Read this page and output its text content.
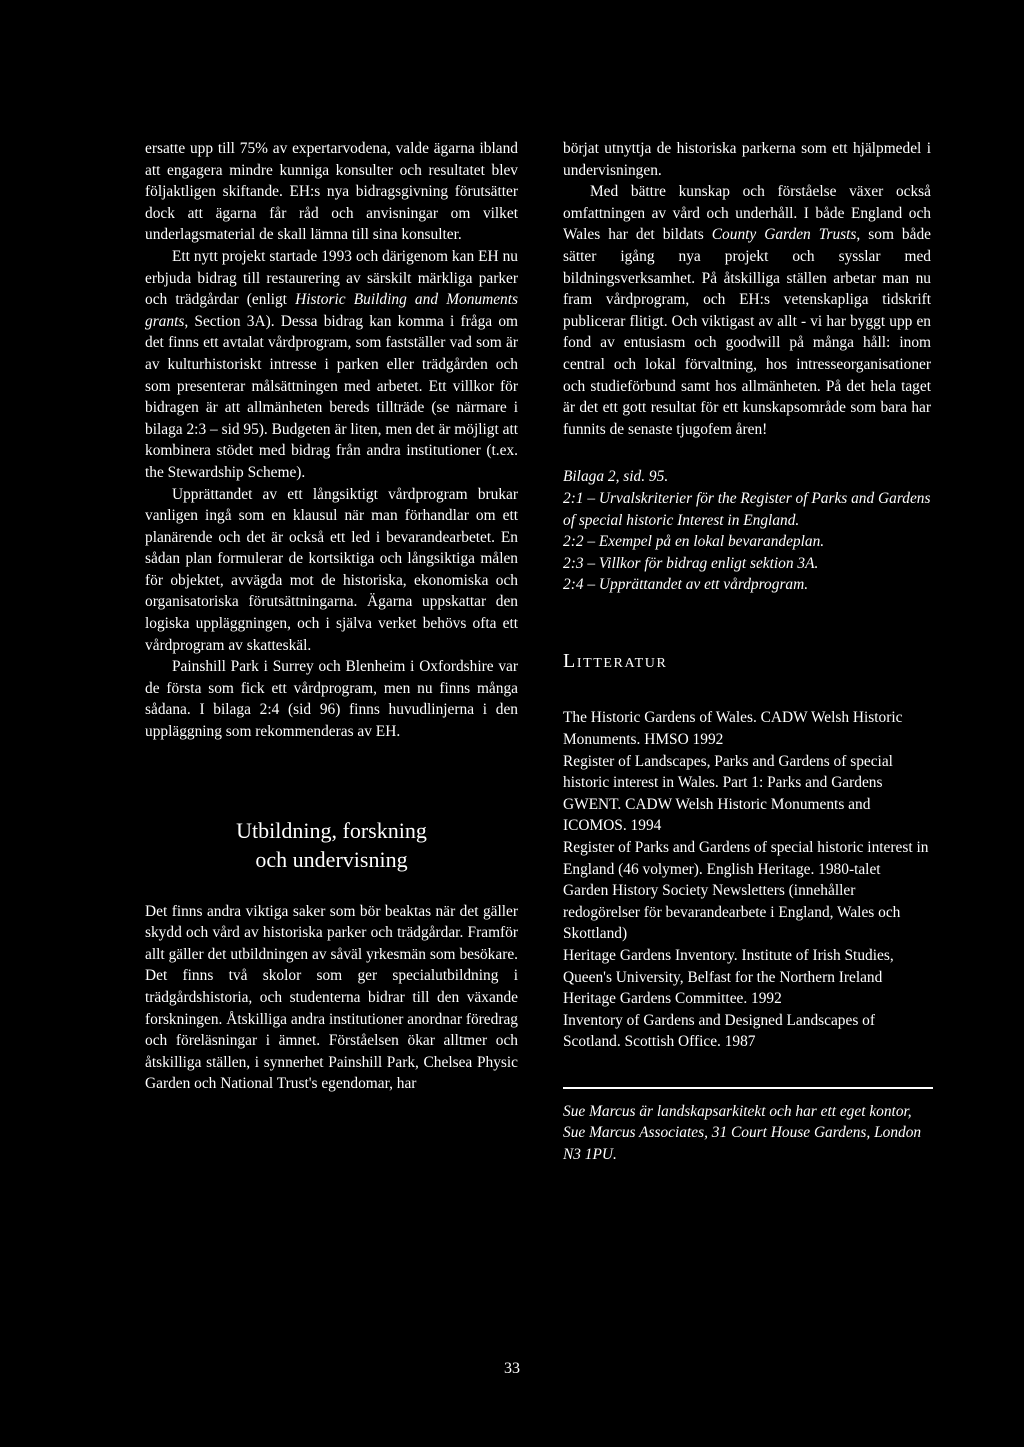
ersatte upp till 75% av expertarvodena, valde ägarna ibland att engagera mindre kunniga konsulter och resultatet blev följaktligen skiftande. EH:s nya bidragsgivning förutsätter dock att ägarna får råd och anvisningar om vilket underlagsmaterial de skall lämna till sina konsulter.

Ett nytt projekt startade 1993 och därigenom kan EH nu erbjuda bidrag till restaurering av särskilt märkliga parker och trädgårdar (enligt Historic Building and Monuments grants, Section 3A). Dessa bidrag kan komma i fråga om det finns ett avtalat vårdprogram, som fastställer vad som är av kulturhistoriskt intresse i parken eller trädgården och som presenterar målsättningen med arbetet. Ett villkor för bidragen är att allmänheten bereds tillträde (se närmare i bilaga 2:3 – sid 95). Budgeten är liten, men det är möjligt att kombinera stödet med bidrag från andra institutioner (t.ex. the Stewardship Scheme).

Upprättandet av ett långsiktigt vårdprogram brukar vanligen ingå som en klausul när man förhandlar om ett planärende och det är också ett led i bevarandearbetet. En sådan plan formulerar de kortsiktiga och långsiktiga målen för objektet, avvägda mot de historiska, ekonomiska och organisatoriska förutsättningarna. Ägarna uppskattar den logiska uppläggningen, och i själva verket behövs ofta ett vårdprogram av skatteskäl.

Painshill Park i Surrey och Blenheim i Oxfordshire var de första som fick ett vårdprogram, men nu finns många sådana. I bilaga 2:4 (sid 96) finns huvudlinjerna i den uppläggning som rekommenderas av EH.

Utbildning, forskning
och undervisning

Det finns andra viktiga saker som bör beaktas när det gäller skydd och vård av historiska parker och trädgårdar. Framför allt gäller det utbildningen av såväl yrkesmän som besökare. Det finns två skolor som ger specialutbildning i trädgårdshistoria, och studenterna bidrar till den växande forskningen. Åtskilliga andra institutioner anordnar föredrag och föreläsningar i ämnet. Förståelsen ökar alltmer och åtskilliga ställen, i synnerhet Painshill Park, Chelsea Physic Garden och National Trust's egendomar, har

börjat utnyttja de historiska parkerna som ett hjälpmedel i undervisningen.

Med bättre kunskap och förståelse växer också omfattningen av vård och underhåll. I både England och Wales har det bildats County Garden Trusts, som både sätter igång nya projekt och sysslar med bildningsverksamhet. På åtskilliga ställen arbetar man nu fram vårdprogram, och EH:s vetenskapliga tidskrift publicerar flitigt. Och viktigast av allt - vi har byggt upp en fond av entusiasm och goodwill på många håll: inom central och lokal förvaltning, hos intresseorganisationer och studieförbund samt hos allmänheten. På det hela taget är det ett gott resultat för ett kunskapsområde som bara har funnits de senaste tjugofem åren!

Bilaga 2, sid. 95.

2:1 – Urvalskriterier för the Register of Parks and Gardens of special historic Interest in England.
2:2 – Exempel på en lokal bevarandeplan.
2:3 – Villkor för bidrag enligt sektion 3A.
2:4 – Upprättandet av ett vårdprogram.
Litteratur
The Historic Gardens of Wales. CADW Welsh Historic Monuments. HMSO 1992
Register of Landscapes, Parks and Gardens of special historic interest in Wales. Part 1: Parks and Gardens GWENT. CADW Welsh Historic Monuments and ICOMOS. 1994
Register of Parks and Gardens of special historic interest in England (46 volymer). English Heritage. 1980-talet
Garden History Society Newsletters (innehåller redogörelser för bevarandearbete i England, Wales och Skottland)
Heritage Gardens Inventory. Institute of Irish Studies, Queen's University, Belfast for the Northern Ireland Heritage Gardens Committee. 1992
Inventory of Gardens and Designed Landscapes of Scotland. Scottish Office. 1987

Sue Marcus är landskapsarkitekt och har ett eget kontor, Sue Marcus Associates, 31 Court House Gardens, London N3 1PU.

33
